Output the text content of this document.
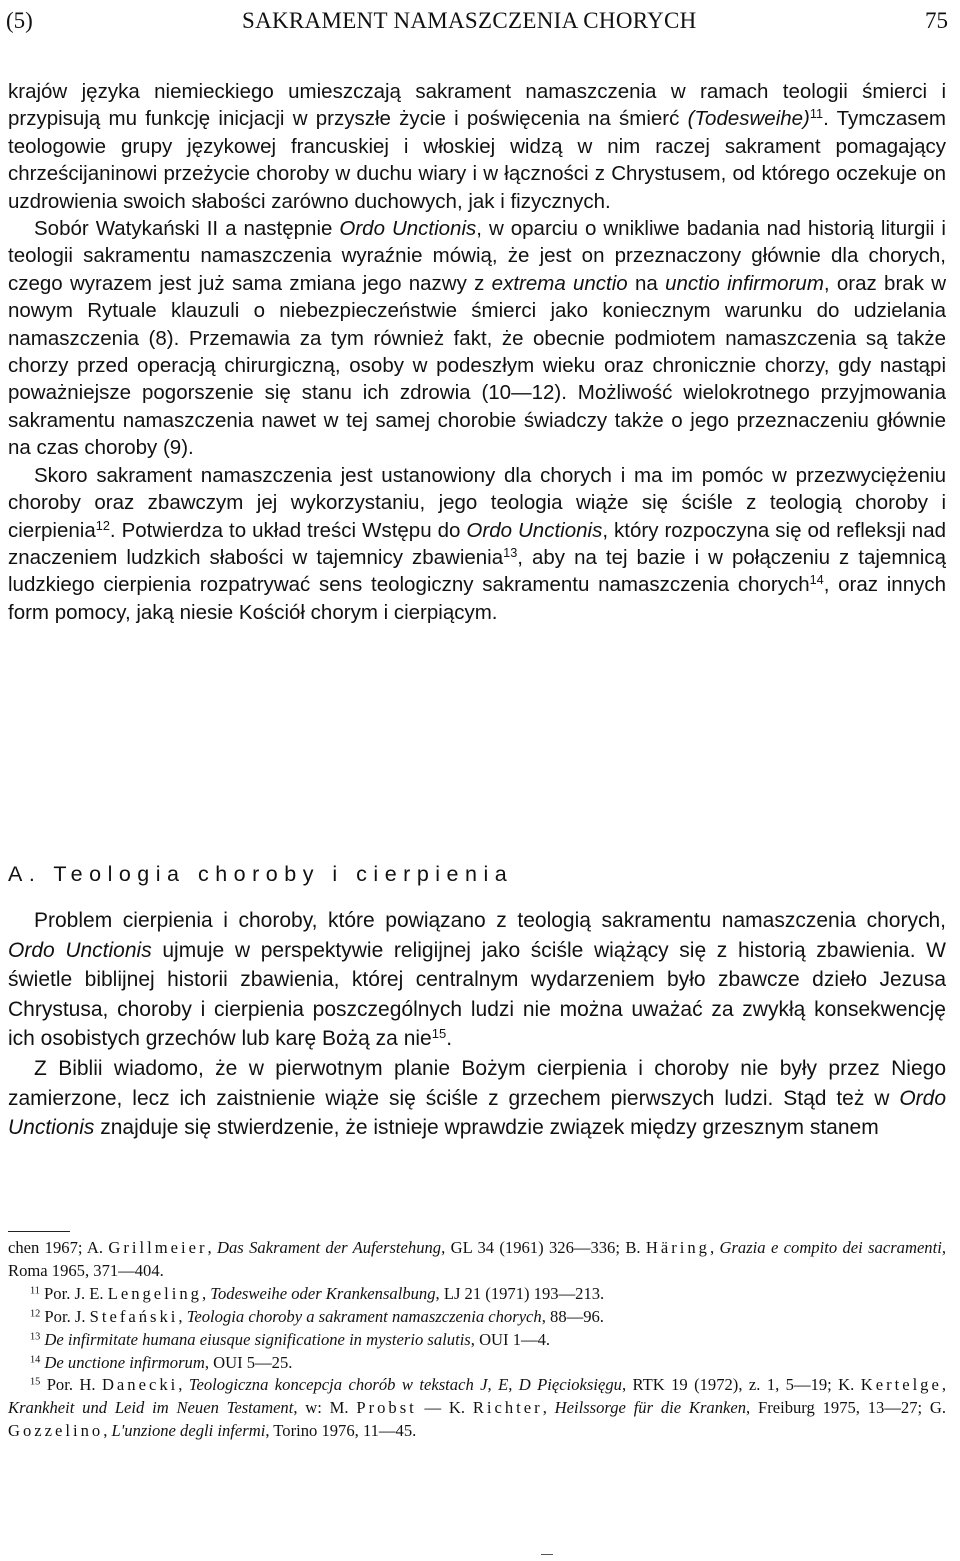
(5)	SAKRAMENT NAMASZCZENIA CHORYCH	75

krajów języka niemieckiego umieszczają sakrament namaszczenia w ramach teologii śmierci i przypisują mu funkcję inicjacji w przyszłe życie i poświęcenia na śmierć (Todesweihe)$^{11}$. Tymczasem teologowie grupy językowej francuskiej i włoskiej widzą w nim raczej sakrament pomagający chrześcijaninowi przeżycie choroby w duchu wiary i w łączności z Chrystusem, od którego oczekuje on uzdrowienia swoich słabości zarówno duchowych, jak i fizycznych.

Sobór Watykański II a następnie Ordo Unctionis, w oparciu o wnikliwe badania nad historią liturgii i teologii sakramentu namaszczenia wyraźnie mówią, że jest on przeznaczony głównie dla chorych, czego wyrazem jest już sama zmiana jego nazwy z extrema unctio na unctio infirmorum, oraz brak w nowym Rytuale klauzuli o niebezpieczeństwie śmierci jako koniecznym warunku do udzielania namaszczenia (8). Przemawia za tym również fakt, że obecnie podmiotem namaszczenia są także chorzy przed operacją chirurgiczną, osoby w podeszłym wieku oraz chronicznie chorzy, gdy nastąpi poważniejsze pogorszenie się stanu ich zdrowia (10—12). Możliwość wielokrotnego przyjmowania sakramentu namaszczenia nawet w tej samej chorobie świadczy także o jego przeznaczeniu głównie na czas choroby (9).

Skoro sakrament namaszczenia jest ustanowiony dla chorych i ma im pomóc w przezwyciężeniu choroby oraz zbawczym jej wykorzystaniu, jego teologia wiąże się ściśle z teologią choroby i cierpienia$^{12}$. Potwierdza to układ treści Wstępu do Ordo Unctionis, który rozpoczyna się od refleksji nad znaczeniem ludzkich słabości w tajemnicy zbawienia$^{13}$, aby na tej bazie i w połączeniu z tajemnicą ludzkiego cierpienia rozpatrywać sens teologiczny sakramentu namaszczenia chorych$^{14}$, oraz innych form pomocy, jaką niesie Kościół chorym i cierpiącym.

A. Teologia choroby i cierpienia

Problem cierpienia i choroby, które powiązano z teologią sakramentu namaszczenia chorych, Ordo Unctionis ujmuje w perspektywie religijnej jako ściśle wiążący się z historią zbawienia. W świetle biblijnej historii zbawienia, której centralnym wydarzeniem było zbawcze dzieło Jezusa Chrystusa, choroby i cierpienia poszczególnych ludzi nie można uważać za zwykłą konsekwencję ich osobistych grzechów lub karę Bożą za nie$^{15}$.

Z Biblii wiadomo, że w pierwotnym planie Bożym cierpienia i choroby nie były przez Niego zamierzone, lecz ich zaistnienie wiąże się ściśle z grzechem pierwszych ludzi. Stąd też w Ordo Unctionis znajduje się stwierdzenie, że istnieje wprawdzie związek między grzesznym stanem

chen 1967; A. Grillmeier, Das Sakrament der Auferstehung, GL 34 (1961) 326—336; B. Häring, Grazia e compito dei sacramenti, Roma 1965, 371—404.

$^{11}$ Por. J. E. Lengeling, Todesweihe oder Krankensalbung, LJ 21 (1971) 193—213.

$^{12}$ Por. J. Stefański, Teologia choroby a sakrament namaszczenia chorych, 88—96.

$^{13}$ De infirmitate humana eiusque significatione in mysterio salutis, OUI 1—4.

$^{14}$ De unctione infirmorum, OUI 5—25.

$^{15}$ Por. H. Danecki, Teologiczna koncepcja chorób w tekstach J, E, D Pięcioksięgu, RTK 19 (1972), z. 1, 5—19; K. Kertelge, Krankheit und Leid im Neuen Testament, w: M. Probst — K. Richter, Heilssorge für die Kranken, Freiburg 1975, 13—27; G. Gozzelino, L'unzione degli infermi, Torino 1976, 11—45.
